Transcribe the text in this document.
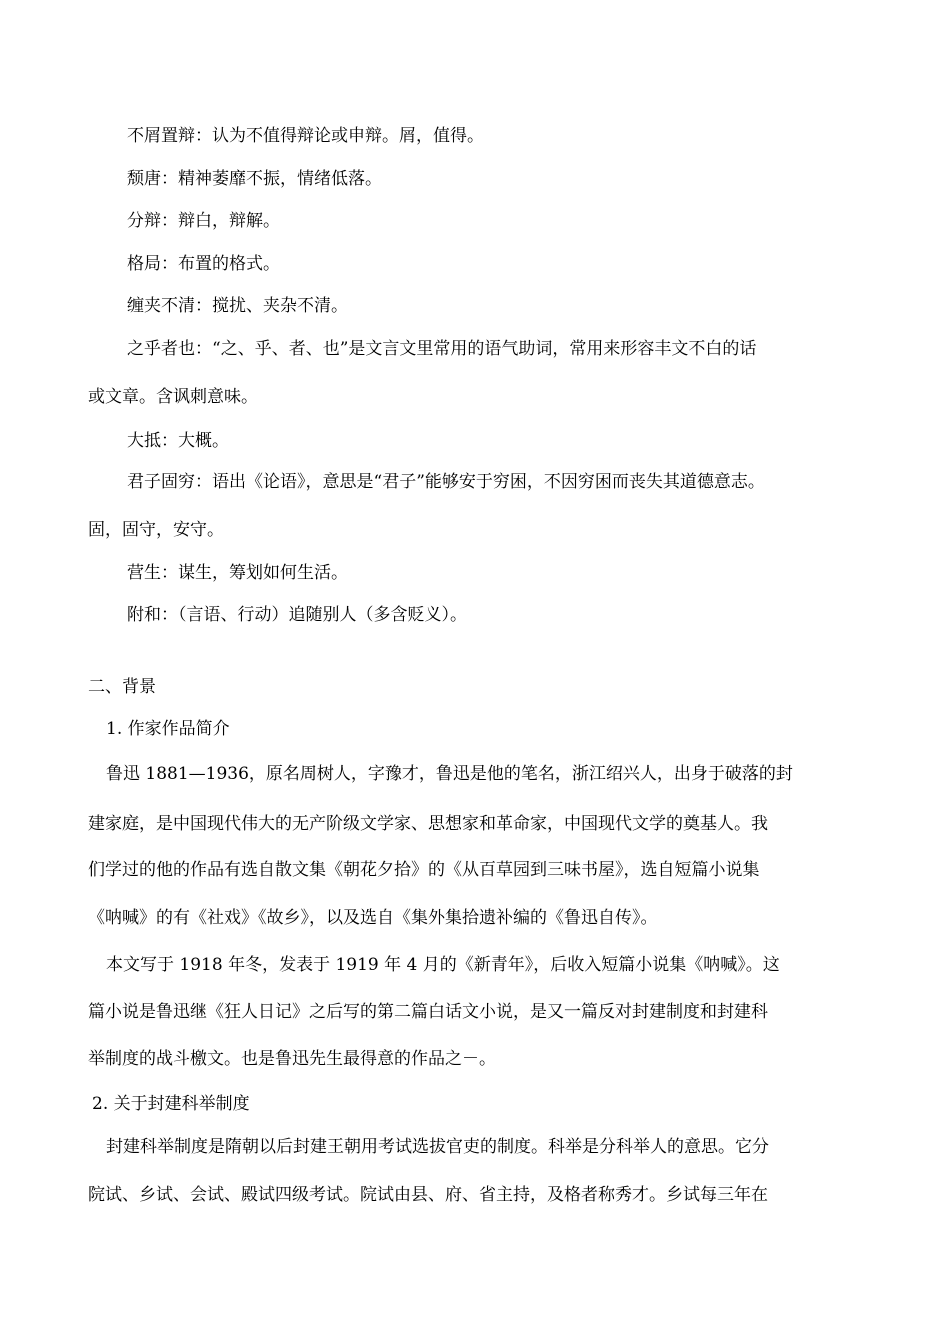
不屑置辩：认为不值得辩论或申辩。屑，值得。
颓唐：精神萎靡不振，情绪低落。
分辩：辩白，辩解。
格局：布置的格式。
缠夹不清：搅扰、夹杂不清。
之乎者也：“之、乎、者、也”是文言文里常用的语气助词，常用来形容丰文不白的话
或文章。含讽刺意味。
大抵：大概。
君子固穷：语出《论语》，意思是“君子”能够安于穷困，不因穷困而丧失其道德意志。
固，固守，安守。
营生：谋生，筹划如何生活。
附和：（言语、行动）追随别人（多含贬义）。
二、背景
1. 作家作品简介
鲁迅 1881—1936，原名周树人，字豫才，鲁迅是他的笔名，浙江绍兴人，出身于破落的封
建家庭，是中国现代伟大的无产阶级文学家、思想家和革命家，中国现代文学的奠基人。我
们学过的他的作品有选自散文集《朝花夕拾》的《从百草园到三味书屋》，选自短篇小说集
《呐喊》的有《社戏》《故乡》，以及选自《集外集拾遗补编的《鲁迅自传》。
本文写于 1918 年冬，发表于 1919 年 4 月的《新青年》，后收入短篇小说集《呐喊》。这
篇小说是鲁迅继《狂人日记》之后写的第二篇白话文小说，是又一篇反对封建制度和封建科
举制度的战斗檄文。也是鲁迅先生最得意的作品之－。
2. 关于封建科举制度
封建科举制度是隋朝以后封建王朝用考试选拔官吏的制度。科举是分科举人的意思。它分
院试、乡试、会试、殿试四级考试。院试由县、府、省主持，及格者称秀才。乡试每三年在
